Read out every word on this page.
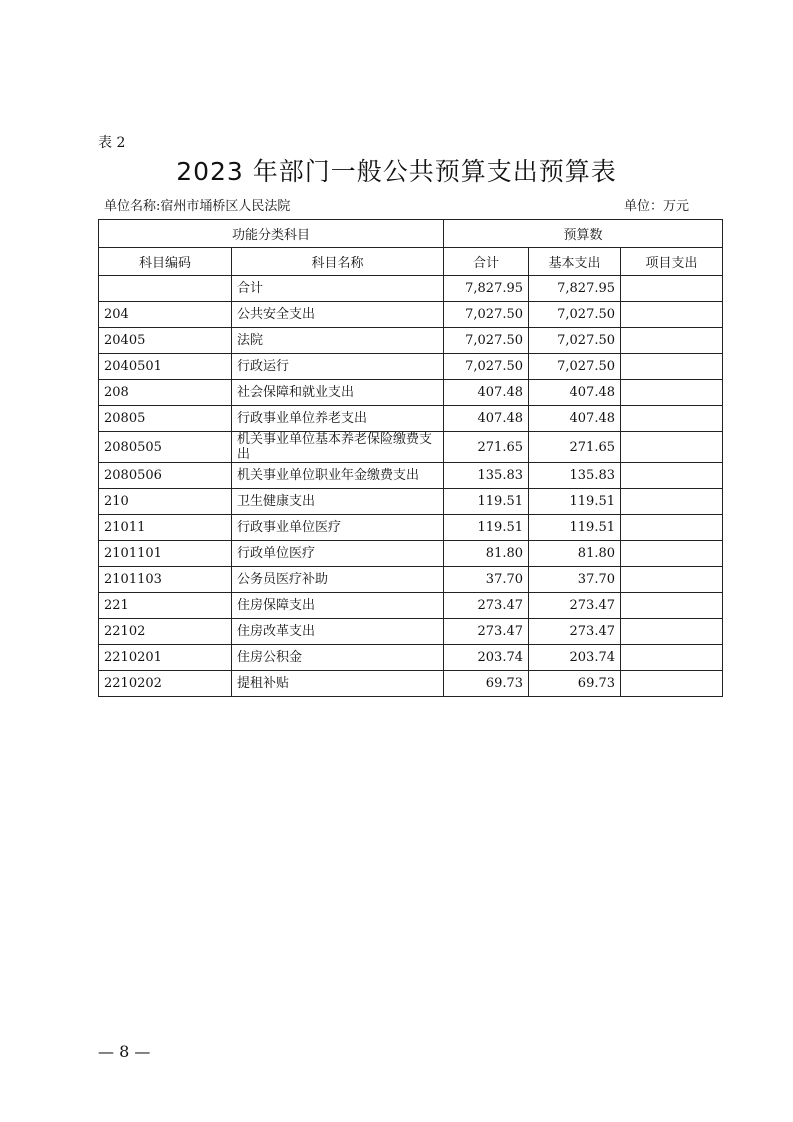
表 2
2023 年部门一般公共预算支出预算表
单位名称:宿州市埇桥区人民法院	单位：万元
功能分类科目		预算数		
科目编码	科目名称	合计	基本支出	项目支出
	合计	7,827.95	7,827.95	
204	公共安全支出	7,027.50	7,027.50	
20405	法院	7,027.50	7,027.50	
2040501	行政运行	7,027.50	7,027.50	
208	社会保障和就业支出	407.48	407.48	
20805	行政事业单位养老支出	407.48	407.48	
2080505	机关事业单位基本养老保险缴费支出	271.65	271.65	
2080506	机关事业单位职业年金缴费支出	135.83	135.83	
210	卫生健康支出	119.51	119.51	
21011	行政事业单位医疗	119.51	119.51	
2101101	行政单位医疗	81.80	81.80	
2101103	公务员医疗补助	37.70	37.70	
221	住房保障支出	273.47	273.47	
22102	住房改革支出	273.47	273.47	
2210201	住房公积金	203.74	203.74	
2210202	提租补贴	69.73	69.73	
— 8 —
